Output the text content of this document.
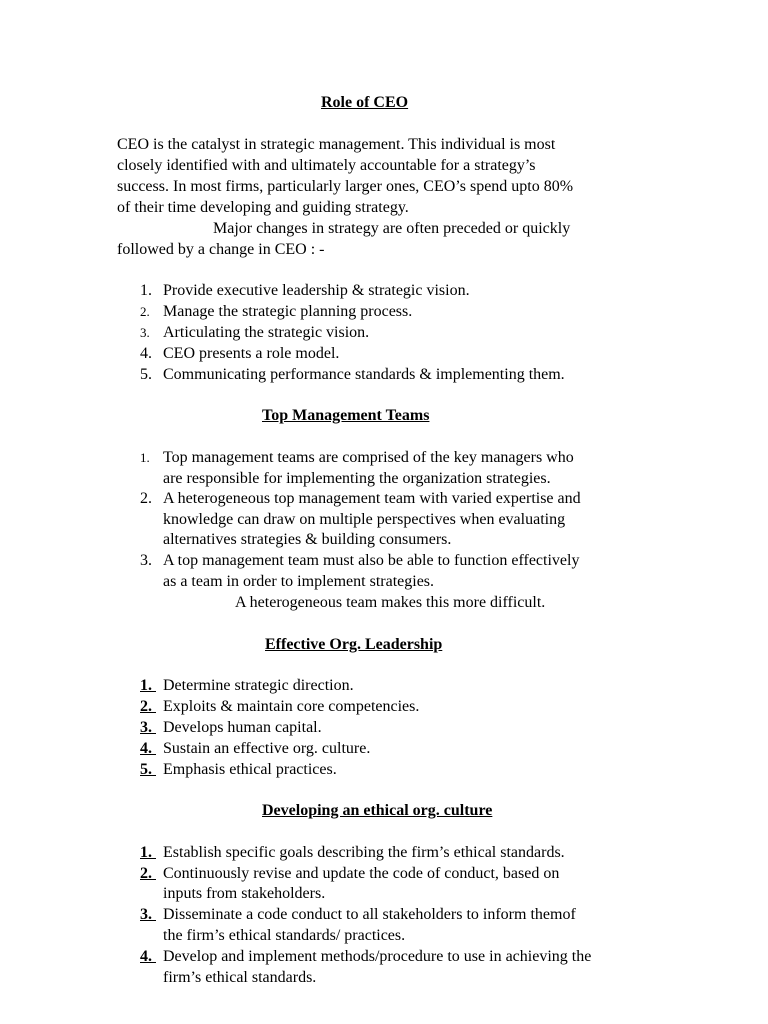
Role of CEO
CEO is the catalyst in strategic management. This individual is most
closely identified with and ultimately accountable for a strategy’s
success. In most firms, particularly larger ones, CEO’s spend upto 80%
of their time developing and guiding strategy.
Major changes in strategy are often preceded or quickly
followed by a change in CEO : -
1. Provide executive leadership & strategic vision.
2. Manage the strategic planning process.
3. Articulating the strategic vision.
4. CEO presents a role model.
5. Communicating performance standards & implementing them.
Top Management Teams
1. Top management teams are comprised of the key managers who
are responsible for implementing the organization strategies.
2. A heterogeneous top management team with varied expertise and
knowledge can draw on multiple perspectives when evaluating
alternatives strategies & building consumers.
3. A top management team must also be able to function effectively
as a team in order to implement strategies.
A heterogeneous team makes this more difficult.
Effective Org. Leadership
1. Determine strategic direction.
2. Exploits & maintain core competencies.
3. Develops human capital.
4. Sustain an effective org. culture.
5. Emphasis ethical practices.
Developing an ethical org. culture
1. Establish specific goals describing the firm’s ethical standards.
2. Continuously revise and update the code of conduct, based on
inputs from stakeholders.
3. Disseminate a code conduct to all stakeholders to inform themof
the firm’s ethical standards/ practices.
4. Develop and implement methods/procedure to use in achieving the
firm’s ethical standards.
